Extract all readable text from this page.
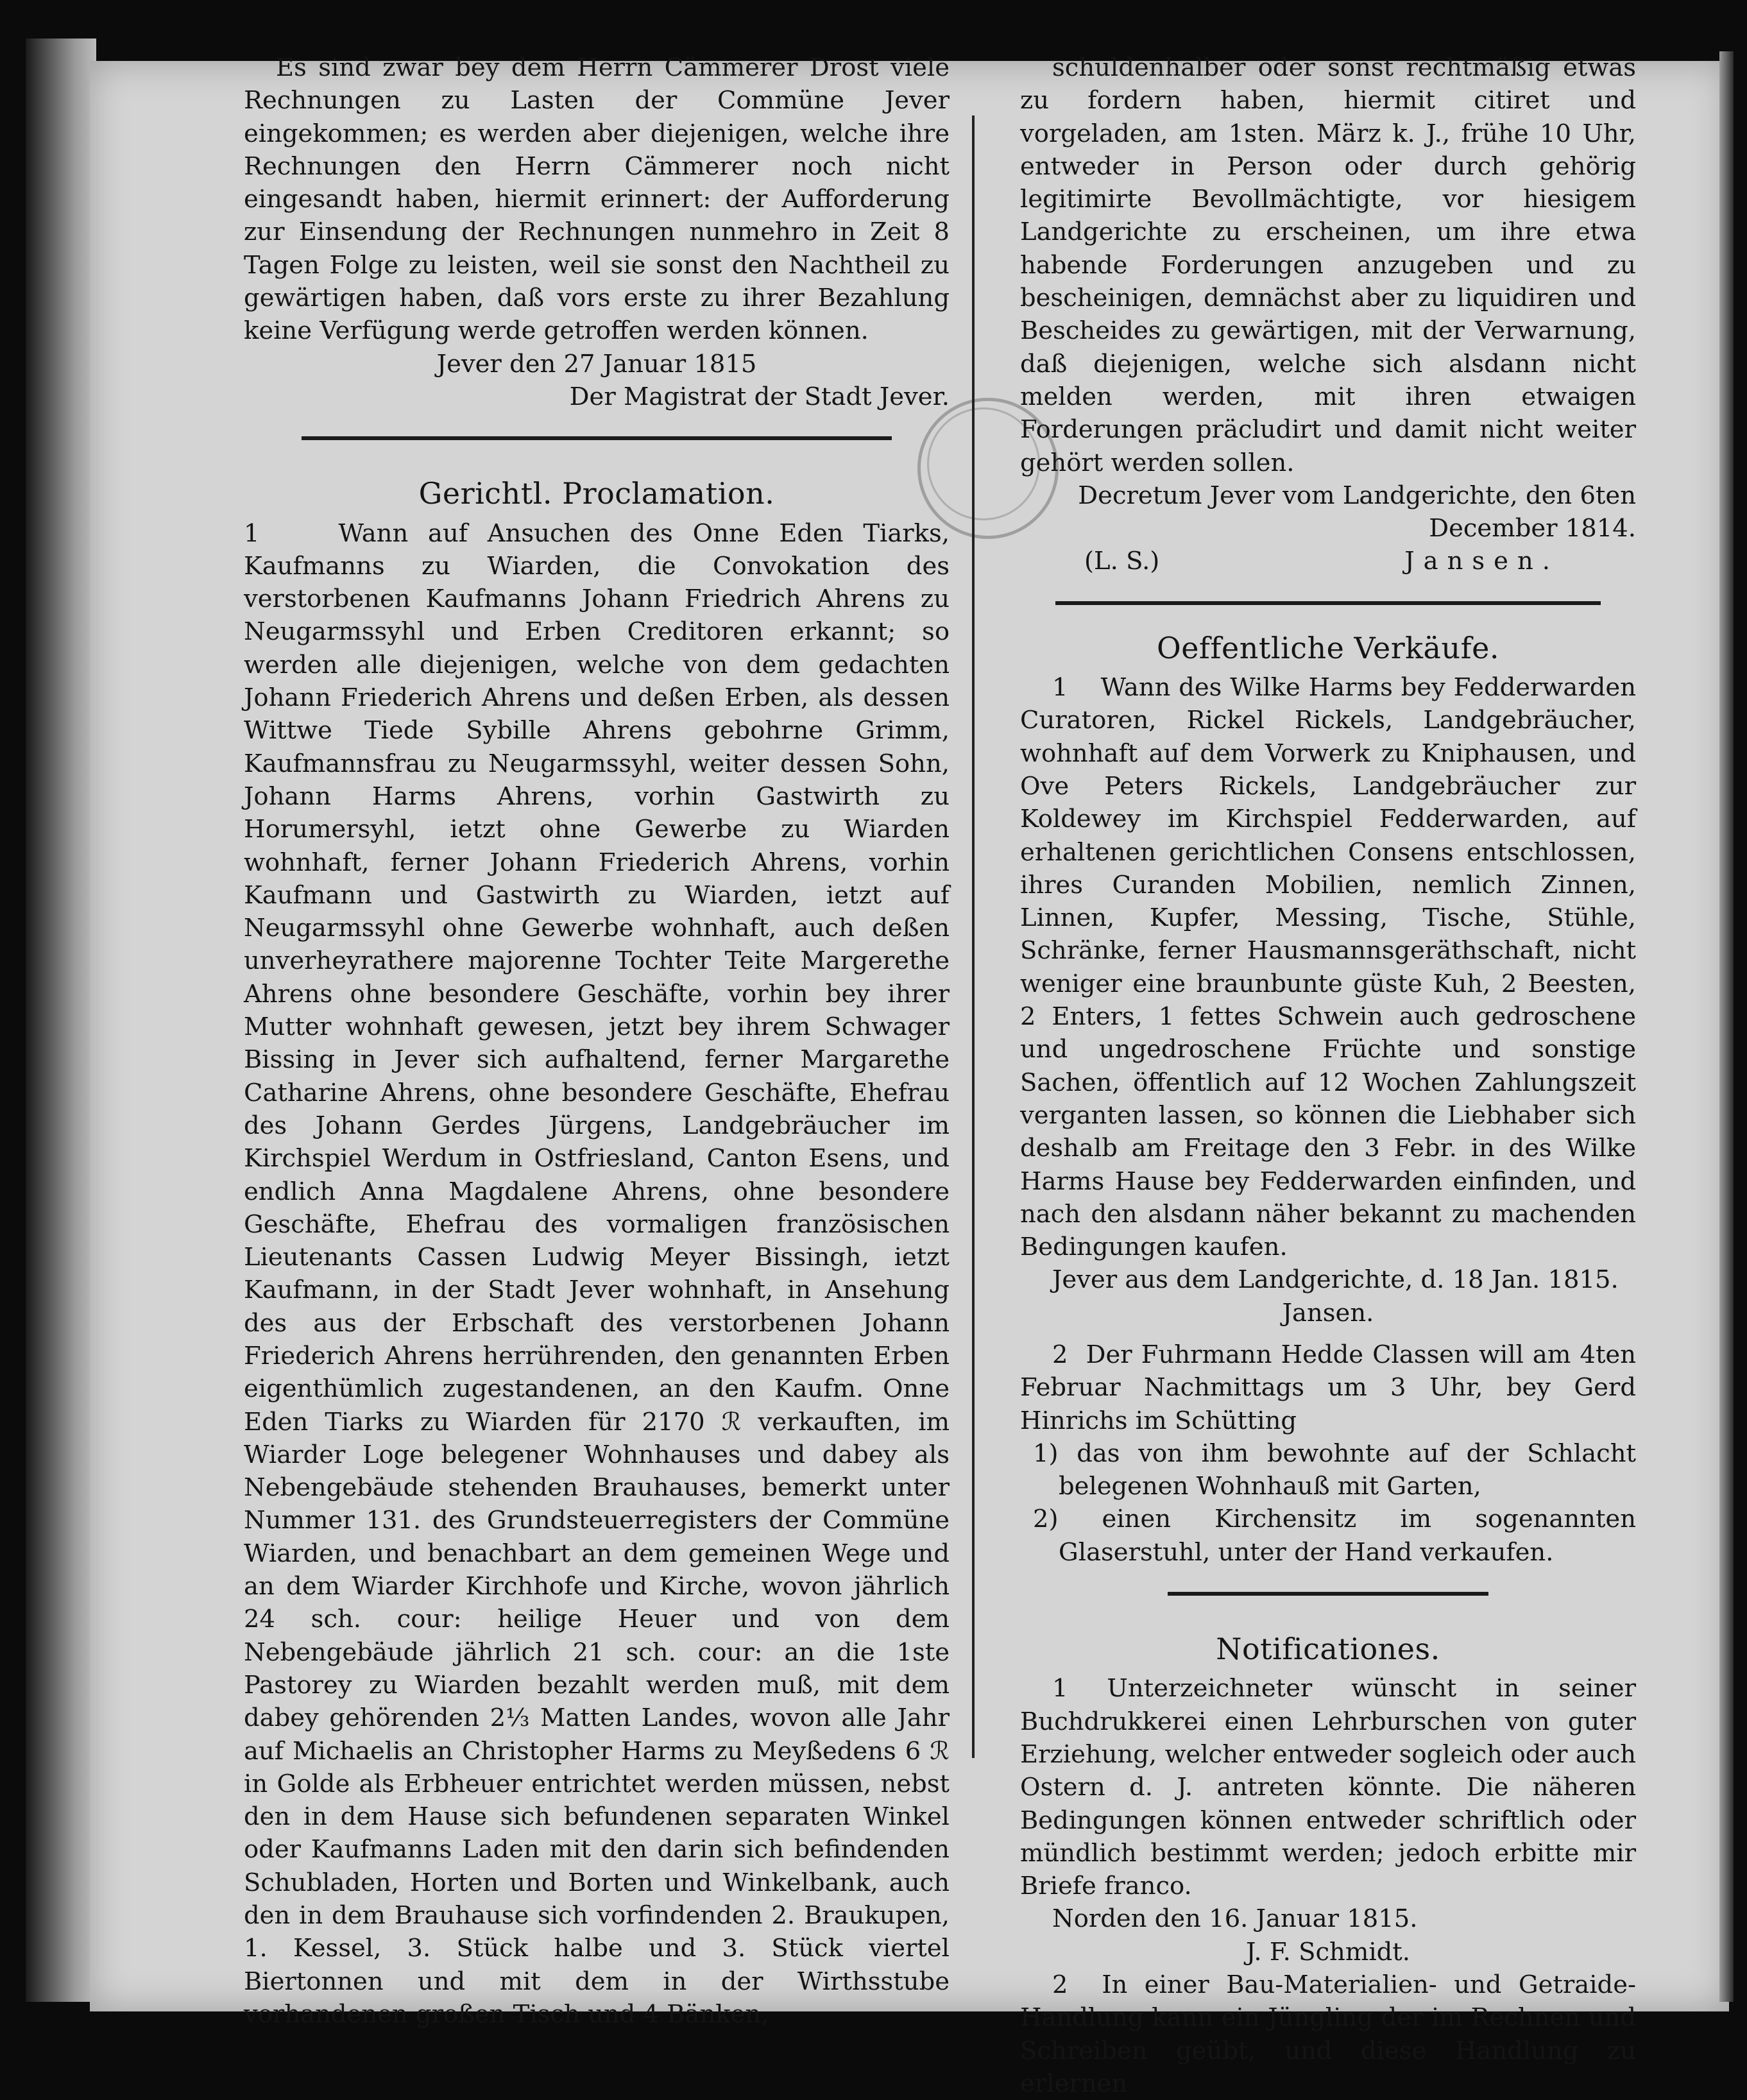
Es sind zwar bey dem Herrn Cämmerer Drost viele Rechnungen zu Lasten der Commüne Jever eingekommen; es werden aber diejenigen, welche ihre Rechnungen den Herrn Cämmerer noch nicht eingesandt haben, hiermit erinnert: der Aufforderung zur Einsendung der Rechnungen nunmehro in Zeit 8 Tagen Folge zu leisten, weil sie sonst den Nachtheil zu gewärtigen haben, daß vors erste zu ihrer Bezahlung keine Verfügung werde getroffen werden können.

Jever den 27 Januar 1815

Der Magistrat der Stadt Jever.

Gerichtl. Proclamation.

1	Wann auf Ansuchen des Onne Eden Tiarks, Kaufmanns zu Wiarden, die Convokation des verstorbenen Kaufmanns Johann Friedrich Ahrens zu Neugarmssyhl und Erben Creditoren erkannt; so werden alle diejenigen, welche von dem gedachten Johann Friederich Ahrens und deßen Erben, als dessen Wittwe Tiede Sybille Ahrens gebohrne Grimm, Kaufmannsfrau zu Neugarmssyhl, weiter dessen Sohn, Johann Harms Ahrens, vorhin Gastwirth zu Horumersyhl, ietzt ohne Gewerbe zu Wiarden wohnhaft, ferner Johann Friederich Ahrens, vorhin Kaufmann und Gastwirth zu Wiarden, ietzt auf Neugarmssyhl ohne Gewerbe wohnhaft, auch deßen unverheyrathere majorenne Tochter Teite Margerethe Ahrens ohne besondere Geschäfte, vorhin bey ihrer Mutter wohnhaft gewesen, jetzt bey ihrem Schwager Bissing in Jever sich aufhaltend, ferner Margarethe Catharine Ahrens, ohne besondere Geschäfte, Ehefrau des Johann Gerdes Jürgens, Landgebräucher im Kirchspiel Werdum in Ostfriesland, Canton Esens, und endlich Anna Magdalene Ahrens, ohne besondere Geschäfte, Ehefrau des vormaligen französischen Lieutenants Cassen Ludwig Meyer Bissingh, ietzt Kaufmann, in der Stadt Jever wohnhaft, in Ansehung des aus der Erbschaft des verstorbenen Johann Friederich Ahrens herrührenden, den genannten Erben eigenthümlich zugestandenen, an den Kaufm. Onne Eden Tiarks zu Wiarden für 2170 ℛ verkauften, im Wiarder Loge belegener Wohnhauses und dabey als Nebengebäude stehenden Brauhauses, bemerkt unter Nummer 131. des Grundsteuerregisters der Commüne Wiarden, und benachbart an dem gemeinen Wege und an dem Wiarder Kirchhofe und Kirche, wovon jährlich 24 sch. cour: heilige Heuer und von dem Nebengebäude jährlich 21 sch. cour: an die 1ste Pastorey zu Wiarden bezahlt werden muß, mit dem dabey gehörenden 2⅓ Matten Landes, wovon alle Jahr auf Michaelis an Christopher Harms zu Meyßedens 6 ℛ in Golde als Erbheuer entrichtet werden müssen, nebst den in dem Hause sich befundenen separaten Winkel oder Kaufmanns Laden mit den darin sich befindenden Schubladen, Horten und Borten und Winkelbank, auch den in dem Brauhause sich vorfindenden 2. Braukupen, 1. Kessel, 3. Stück halbe und 3. Stück viertel Biertonnen und mit dem in der Wirthsstube vorhandenen großen Tisch und 4 Bänken,

schuldenhalber oder sonst rechtmäßig etwas zu fordern haben, hiermit citiret und vorgeladen, am 1sten. März k. J., frühe 10 Uhr, entweder in Person oder durch gehörig legitimirte Bevollmächtigte, vor hiesigem Landgerichte zu erscheinen, um ihre etwa habende Forderungen anzugeben und zu bescheinigen, demnächst aber zu liquidiren und Bescheides zu gewärtigen, mit der Verwarnung, daß diejenigen, welche sich alsdann nicht melden werden, mit ihren etwaigen Forderungen präcludirt und damit nicht weiter gehört werden sollen.

Decretum Jever vom Landgerichte, den 6ten December 1814.

(L. S.)	Jansen.

Oeffentliche Verkäufe.

1 Wann des Wilke Harms bey Fedderwarden Curatoren, Rickel Rickels, Landgebräucher, wohnhaft auf dem Vorwerk zu Kniphausen, und Ove Peters Rickels, Landgebräucher zur Koldewey im Kirchspiel Fedderwarden, auf erhaltenen gerichtlichen Consens entschlossen, ihres Curanden Mobilien, nemlich Zinnen, Linnen, Kupfer, Messing, Tische, Stühle, Schränke, ferner Hausmannsgeräthschaft, nicht weniger eine braunbunte güste Kuh, 2 Beesten, 2 Enters, 1 fettes Schwein auch gedroschene und ungedroschene Früchte und sonstige Sachen, öffentlich auf 12 Wochen Zahlungszeit verganten lassen, so können die Liebhaber sich deshalb am Freitage den 3 Febr. in des Wilke Harms Hause bey Fedderwarden einfinden, und nach den alsdann näher bekannt zu machenden Bedingungen kaufen.

Jever aus dem Landgerichte, d. 18 Jan. 1815.

Jansen.

2 Der Fuhrmann Hedde Classen will am 4ten Februar Nachmittags um 3 Uhr, bey Gerd Hinrichs im Schütting

1) das von ihm bewohnte auf der Schlacht belegenen Wohnhauß mit Garten,

2) einen Kirchensitz im sogenannten Glaserstuhl, unter der Hand verkaufen.

Notificationes.

1 Unterzeichneter wünscht in seiner Buchdrukkerei einen Lehrburschen von guter Erziehung, welcher entweder sogleich oder auch Ostern d. J. antreten könnte. Die näheren Bedingungen können entweder schriftlich oder mündlich bestimmt werden; jedoch erbitte mir Briefe franco.

Norden den 16. Januar 1815.

J. F. Schmidt.

2 In einer Bau-Materialien- und Getraide-Handlung kann ein Jüngling der im Rechnen und Schreiben geübt, und diese Handlung zu erlernen
